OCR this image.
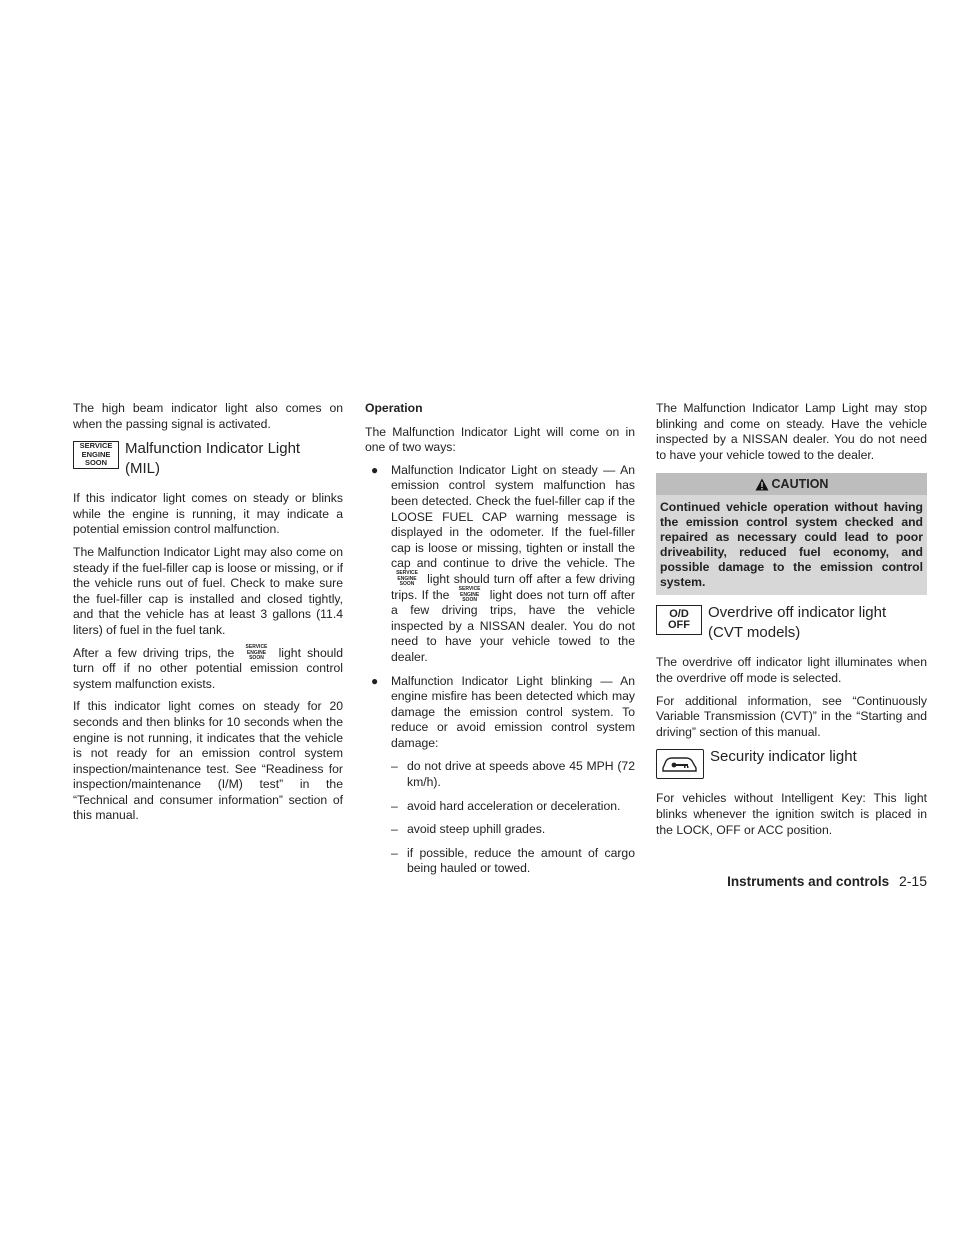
The high beam indicator light also comes on when the passing signal is activated.

SERVICE
ENGINE
SOON
Malfunction Indicator Light
(MIL)

If this indicator light comes on steady or blinks while the engine is running, it may indicate a potential emission control malfunction.

The Malfunction Indicator Light may also come on steady if the fuel-filler cap is loose or missing, or if the vehicle runs out of fuel. Check to make sure the fuel-filler cap is installed and closed tightly, and that the vehicle has at least 3 gallons (11.4 liters) of fuel in the fuel tank.

After a few driving trips, the SERVICE
ENGINE
SOON light should turn off if no other potential emission control system malfunction exists.

If this indicator light comes on steady for 20 seconds and then blinks for 10 seconds when the engine is not running, it indicates that the vehicle is not ready for an emission control system inspection/maintenance test. See “Readiness for inspection/maintenance (I/M) test” in the “Technical and consumer information” section of this manual.

Operation

The Malfunction Indicator Light will come on in one of two ways:

●	Malfunction Indicator Light on steady — An emission control system malfunction has been detected. Check the fuel-filler cap if the LOOSE FUEL CAP warning message is displayed in the odometer. If the fuel-filler cap is loose or missing, tighten or install the cap and continue to drive the vehicle. The
SERVICE
ENGINE
SOON light should turn off after a few driving trips. If the SERVICE
ENGINE
SOON light does not turn off after a few driving trips, have the vehicle inspected by a NISSAN dealer. You do not need to have your vehicle towed to the dealer.
●	Malfunction Indicator Light blinking — An engine misfire has been detected which may damage the emission control system. To reduce or avoid emission control system damage:
– do not drive at speeds above 45 MPH (72 km/h).
– avoid hard acceleration or deceleration.
– avoid steep uphill grades.
– if possible, reduce the amount of cargo being hauled or towed.

The Malfunction Indicator Lamp Light may stop blinking and come on steady. Have the vehicle inspected by a NISSAN dealer. You do not need to have your vehicle towed to the dealer.

CAUTION
Continued vehicle operation without having the emission control system checked and repaired as necessary could lead to poor driveability, reduced fuel economy, and possible damage to the emission control system.
O/D
OFF
Overdrive off indicator light
(CVT models)

The overdrive off indicator light illuminates when the overdrive off mode is selected.

For additional information, see “Continuously Variable Transmission (CVT)” in the “Starting and driving” section of this manual.

Security indicator light

For vehicles without Intelligent Key: This light blinks whenever the ignition switch is placed in the LOCK, OFF or ACC position.

Instruments and controls 2-15
